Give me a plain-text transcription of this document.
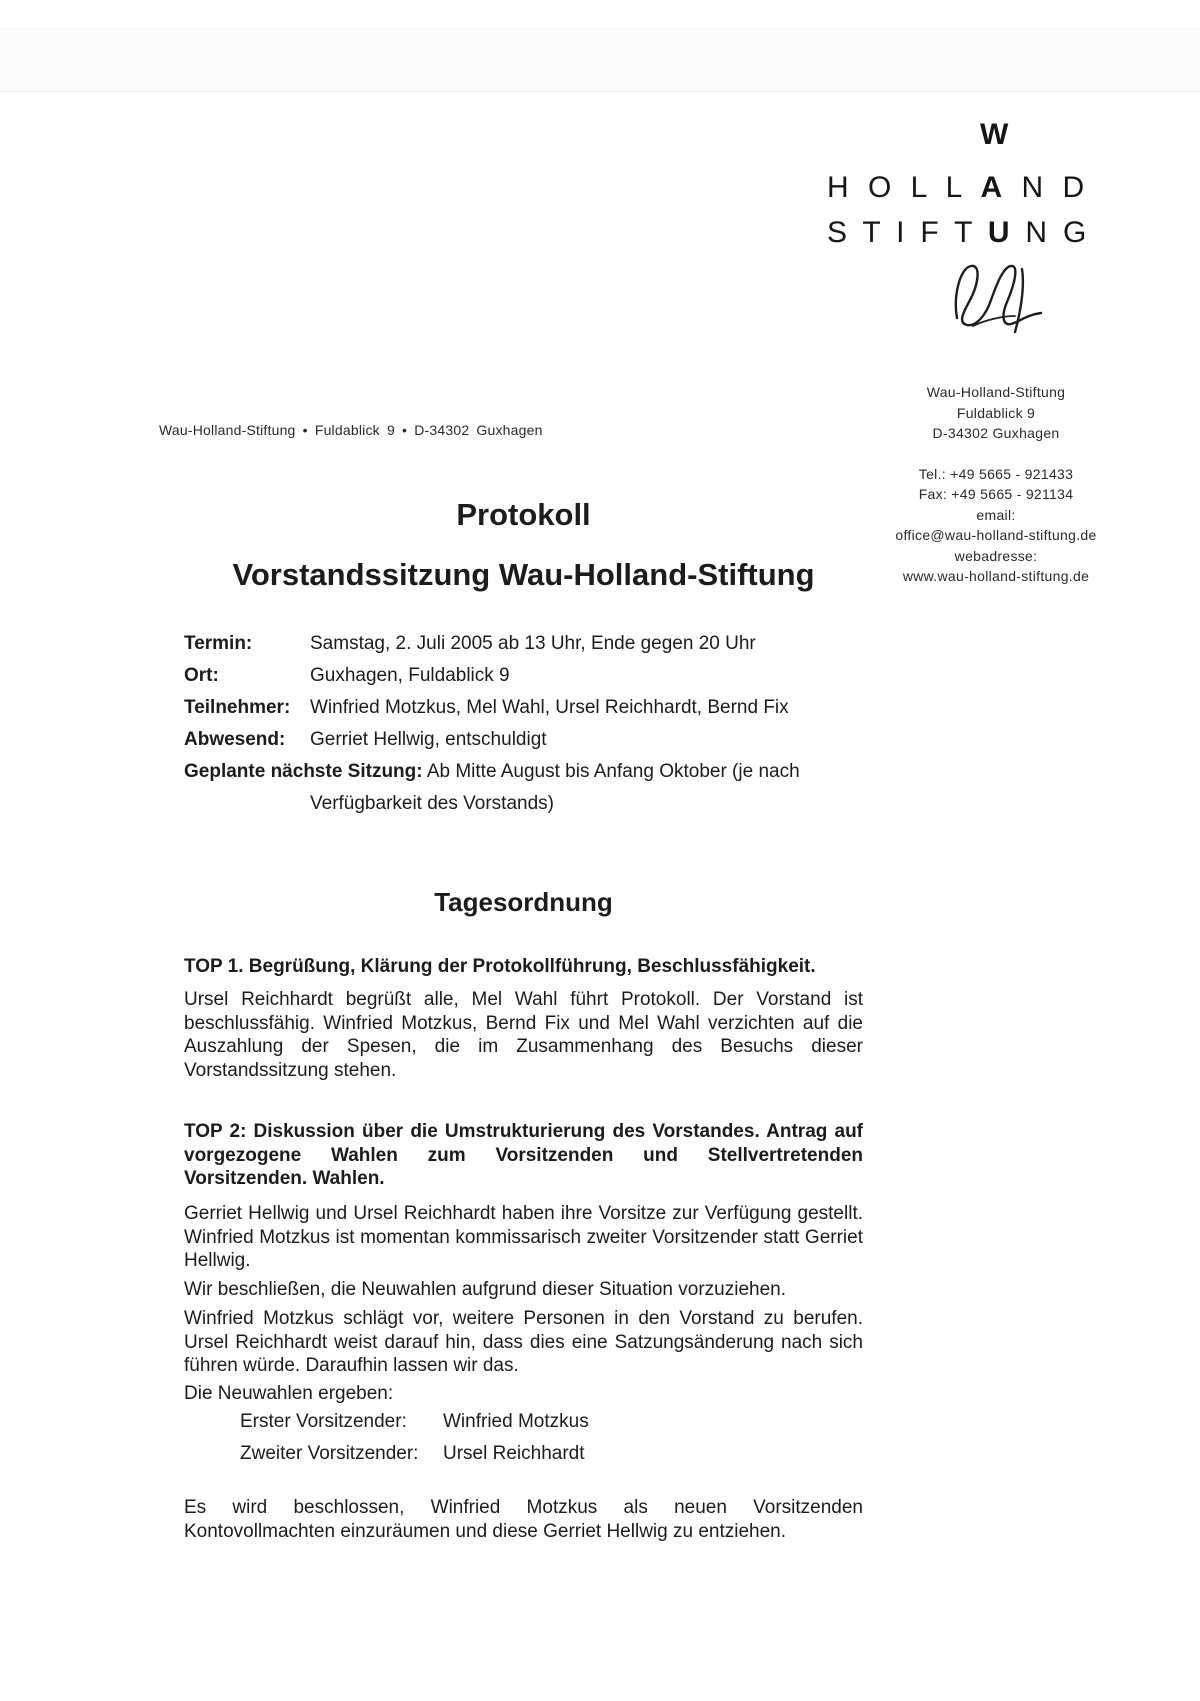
W
H O L L A N D
S T I F T U N G
Wau-Holland-Stiftung
Fuldablick 9
D-34302 Guxhagen
Tel.: +49 5665 - 921433
Fax: +49 5665 - 921134
email:
office@wau-holland-stiftung.de
webadresse:
www.wau-holland-stiftung.de
Wau-Holland-Stiftung • Fuldablick 9 • D-34302 Guxhagen
Protokoll
Vorstandssitzung Wau-Holland-Stiftung
Termin:	Samstag, 2. Juli 2005 ab 13 Uhr, Ende gegen 20 Uhr
Ort:	Guxhagen, Fuldablick 9
Teilnehmer:	Winfried Motzkus, Mel Wahl, Ursel Reichhardt, Bernd Fix
Abwesend:	Gerriet Hellwig, entschuldigt
Geplante nächste Sitzung: Ab Mitte August bis Anfang Oktober (je nach Verfügbarkeit des Vorstands)
Tagesordnung
TOP 1. Begrüßung, Klärung der Protokollführung, Beschlussfähigkeit.
Ursel Reichhardt begrüßt alle, Mel Wahl führt Protokoll. Der Vorstand ist beschlussfähig. Winfried Motzkus, Bernd Fix und Mel Wahl verzichten auf die Auszahlung der Spesen, die im Zusammenhang des Besuchs dieser Vorstandssitzung stehen.
TOP 2: Diskussion über die Umstrukturierung des Vorstandes. Antrag auf vorgezogene Wahlen zum Vorsitzenden und Stellvertretenden Vorsitzenden. Wahlen.
Gerriet Hellwig und Ursel Reichhardt haben ihre Vorsitze zur Verfügung gestellt. Winfried Motzkus ist momentan kommissarisch zweiter Vorsitzender statt Gerriet Hellwig.
Wir beschließen, die Neuwahlen aufgrund dieser Situation vorzuziehen.
Winfried Motzkus schlägt vor, weitere Personen in den Vorstand zu berufen. Ursel Reichhardt weist darauf hin, dass dies eine Satzungsänderung nach sich führen würde. Daraufhin lassen wir das.
Die Neuwahlen ergeben:
Erster Vorsitzender:	Winfried Motzkus
Zweiter Vorsitzender:	Ursel Reichhardt
Es wird beschlossen, Winfried Motzkus als neuen Vorsitzenden Kontovollmachten einzuräumen und diese Gerriet Hellwig zu entziehen.
